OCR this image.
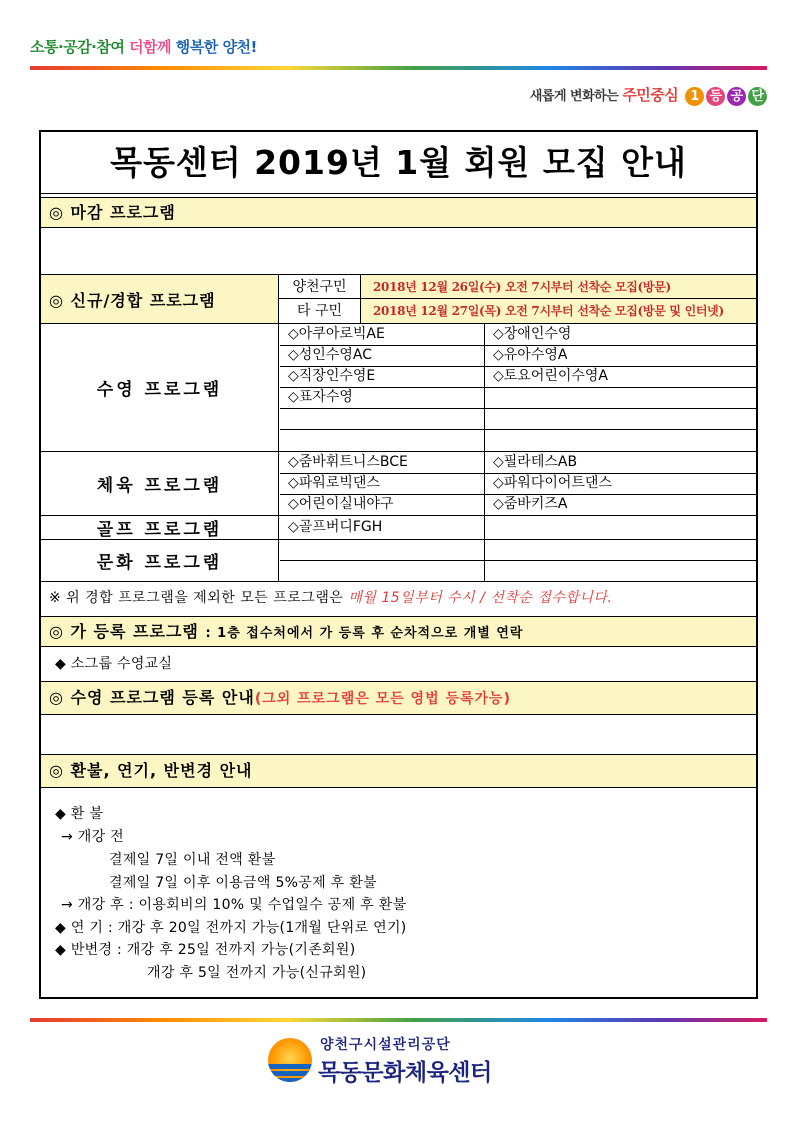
소통·공감·참여 더함께 행복한 양천!
새롭게 변화하는 주민중심 1 등 공 단
목동센터 2019년 1월 회원 모집 안내
◎ 마감 프로그램
◎ 신규/경합 프로그램
양천구민	2018년 12월 26일(수) 오전 7시부터 선착순 모집(방문)
타 구민	2018년 12월 27일(목) 오전 7시부터 선착순 모집(방문 및 인터넷)
수영 프로그램
◇아쿠아로빅AE	◇장애인수영
◇성인수영AC	◇유아수영A
◇직장인수영E	◇토요어린이수영A
◇표자수영
체육 프로그램
◇줌바휘트니스BCE	◇필라테스AB
◇파워로빅댄스	◇파워다이어트댄스
◇어린이실내야구	◇줌바키즈A
골프 프로그램	◇골프버디FGH
문화 프로그램
※ 위 경합 프로그램을 제외한 모든 프로그램은 매월 15일부터 수시 / 선착순 접수합니다.
◎ 가 등록 프로그램 : 1층 접수처에서 가 등록 후 순차적으로 개별 연락
◆ 소그룹 수영교실
◎ 수영 프로그램 등록 안내(그외 프로그램은 모든 영법 등록가능)
◎ 환불, 연기, 반변경 안내
◆ 환 불
→ 개강 전
결제일 7일 이내 전액 환불
결제일 7일 이후 이용금액 5%공제 후 환불
→ 개강 후 : 이용회비의 10% 및 수업일수 공제 후 환불
◆ 연 기 : 개강 후 20일 전까지 가능(1개월 단위로 연기)
◆ 반변경 : 개강 후 25일 전까지 가능(기존회원)
개강 후 5일 전까지 가능(신규회원)
양천구시설관리공단
목동문화체육센터
